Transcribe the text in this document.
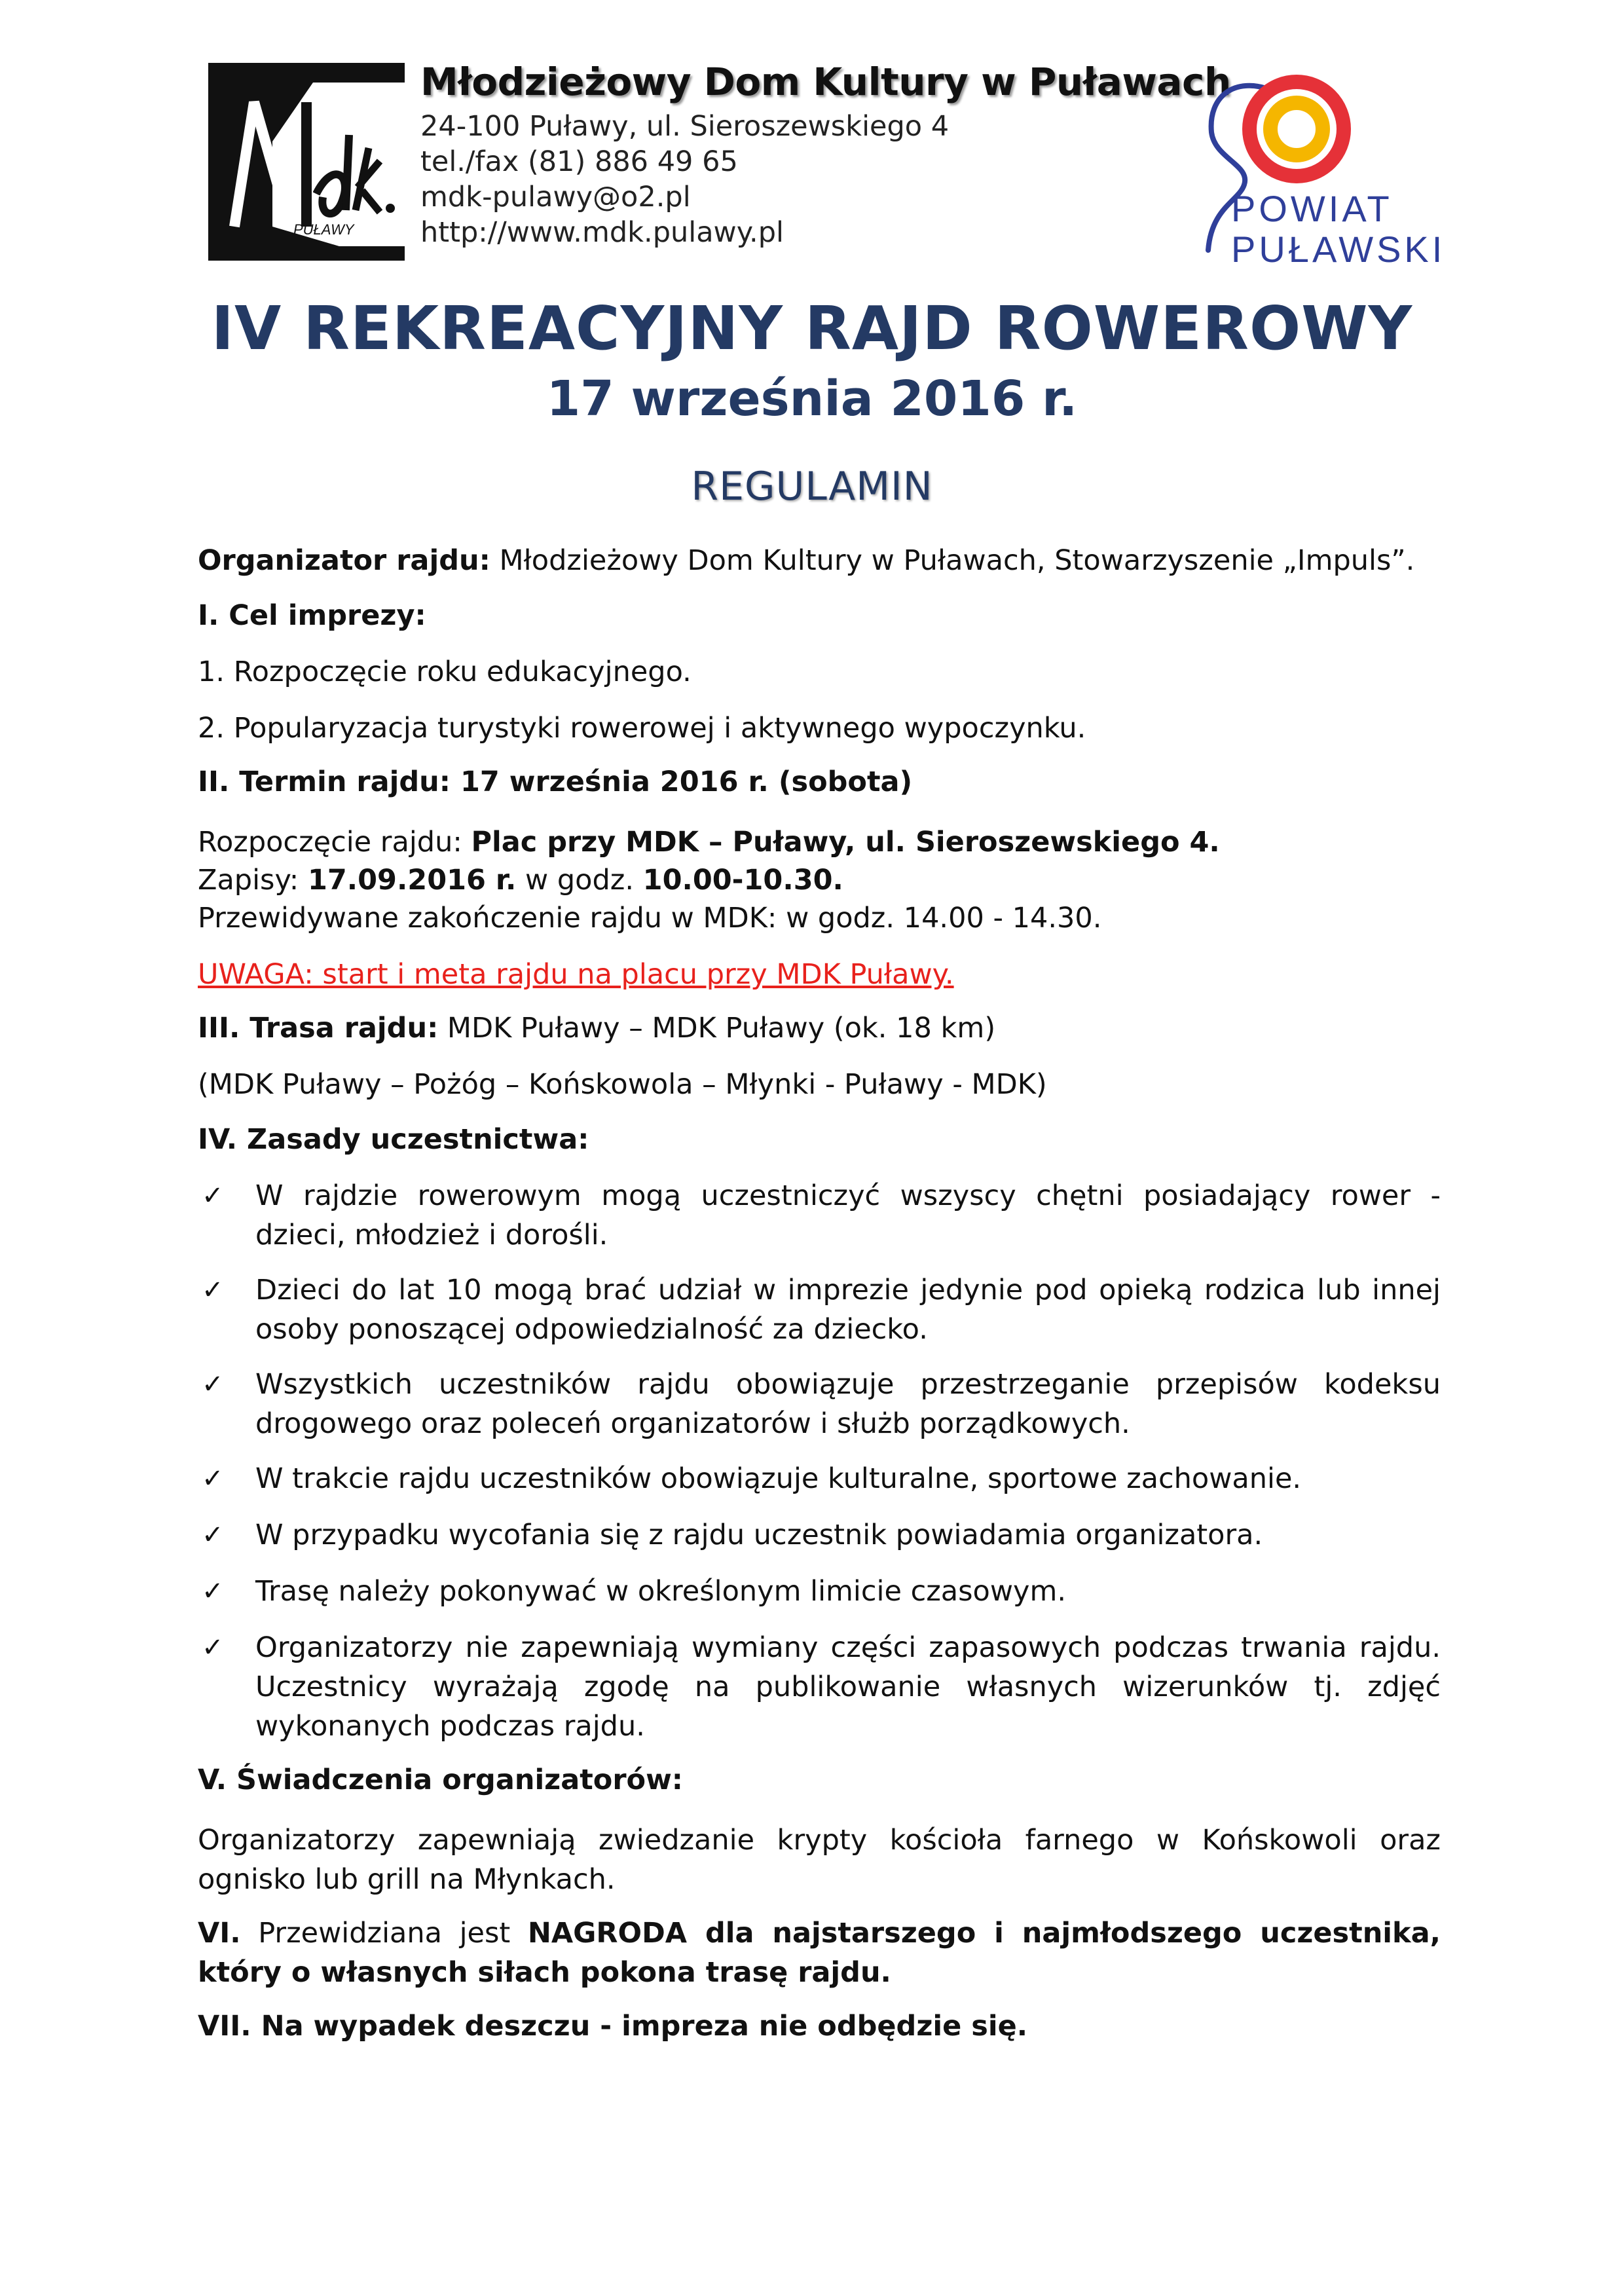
PUŁAWY
Młodzieżowy Dom Kultury w Puławach
24-100 Puławy, ul. Sieroszewskiego 4
tel./fax (81) 886 49 65
mdk-pulawy@o2.pl
http://www.mdk.pulawy.pl
POWIAT
PUŁAWSKI
IV REKREACYJNY RAJD ROWEROWY
17 września 2016 r.
REGULAMIN
Organizator rajdu: Młodzieżowy Dom Kultury w Puławach, Stowarzyszenie „Impuls”.
I. Cel imprezy:
1. Rozpoczęcie roku edukacyjnego.
2. Popularyzacja turystyki rowerowej i aktywnego wypoczynku.
II. Termin rajdu: 17 września 2016 r. (sobota)
Rozpoczęcie rajdu: Plac przy MDK – Puławy, ul. Sieroszewskiego 4.
Zapisy: 17.09.2016 r. w godz. 10.00-10.30.
Przewidywane zakończenie rajdu w MDK: w godz. 14.00 - 14.30.
UWAGA: start i meta rajdu na placu przy MDK Puławy.
III. Trasa rajdu: MDK Puławy – MDK Puławy (ok. 18 km)
(MDK Puławy – Pożóg – Końskowola – Młynki - Puławy - MDK)
IV. Zasady uczestnictwa:
✓ W rajdzie rowerowym mogą uczestniczyć wszyscy chętni posiadający rower - dzieci, młodzież i dorośli.
✓ Dzieci do lat 10 mogą brać udział w imprezie jedynie pod opieką rodzica lub innej osoby ponoszącej odpowiedzialność za dziecko.
✓ Wszystkich uczestników rajdu obowiązuje przestrzeganie przepisów kodeksu drogowego oraz poleceń organizatorów i służb porządkowych.
✓ W trakcie rajdu uczestników obowiązuje kulturalne, sportowe zachowanie.
✓ W przypadku wycofania się z rajdu uczestnik powiadamia organizatora.
✓ Trasę należy pokonywać w określonym limicie czasowym.
✓ Organizatorzy nie zapewniają wymiany części zapasowych podczas trwania rajdu. Uczestnicy wyrażają zgodę na publikowanie własnych wizerunków tj. zdjęć wykonanych podczas rajdu.
V. Świadczenia organizatorów:
Organizatorzy zapewniają zwiedzanie krypty kościoła farnego w Końskowoli oraz ognisko lub grill na Młynkach.
VI. Przewidziana jest NAGRODA dla najstarszego i najmłodszego uczestnika, który o własnych siłach pokona trasę rajdu.
VII. Na wypadek deszczu - impreza nie odbędzie się.
